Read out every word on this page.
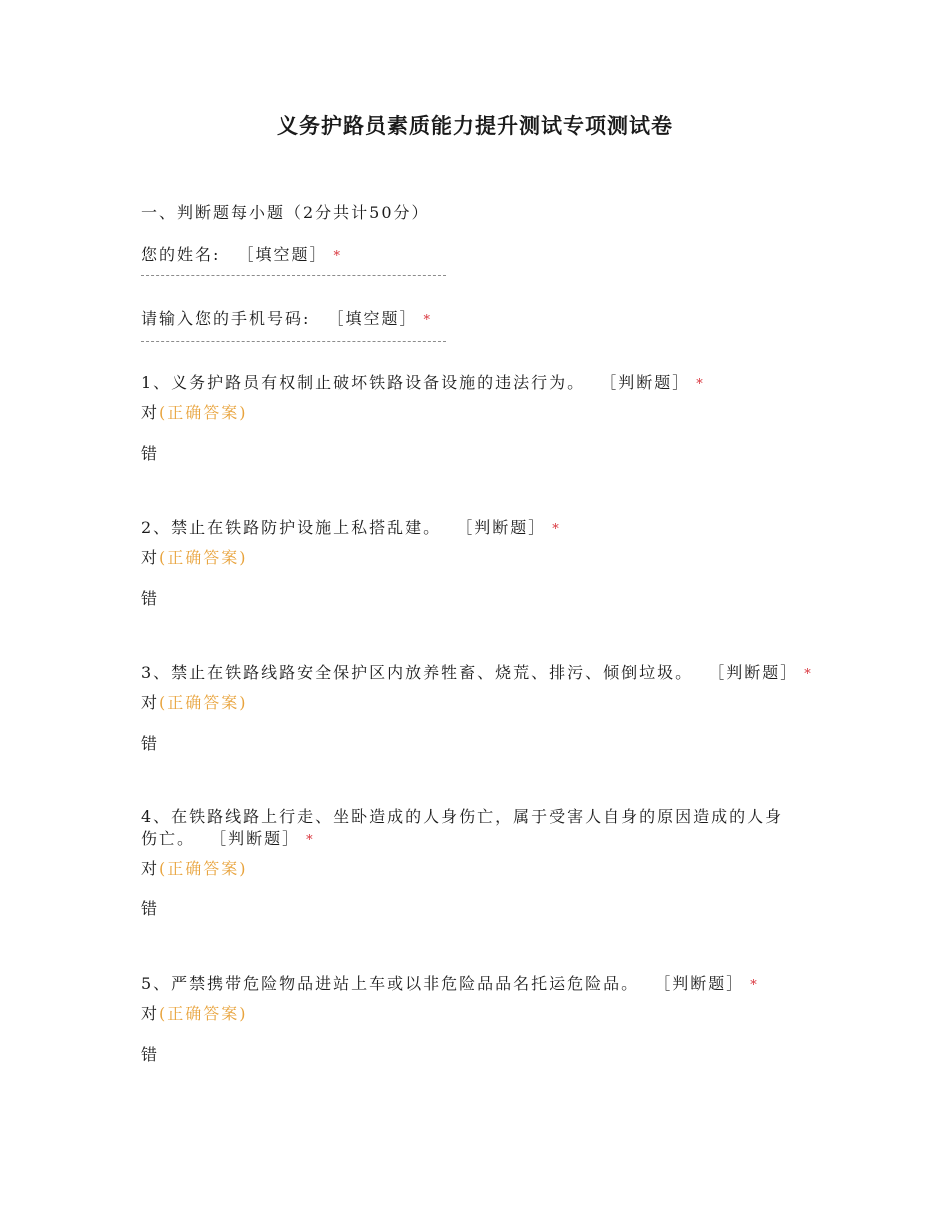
义务护路员素质能力提升测试专项测试卷
一、判断题每小题（2分共计50分）
您的姓名: ［填空题］ *
请输入您的手机号码: ［填空题］ *
1、义务护路员有权制止破坏铁路设备设施的违法行为。 ［判断题］ *
对(正确答案)
错
2、禁止在铁路防护设施上私搭乱建。 ［判断题］ *
对(正确答案)
错
3、禁止在铁路线路安全保护区内放养牲畜、烧荒、排污、倾倒垃圾。 ［判断题］ *
对(正确答案)
错
4、在铁路线路上行走、坐卧造成的人身伤亡，属于受害人自身的原因造成的人身
伤亡。 ［判断题］ *
对(正确答案)
错
5、严禁携带危险物品进站上车或以非危险品品名托运危险品。 ［判断题］ *
对(正确答案)
错
